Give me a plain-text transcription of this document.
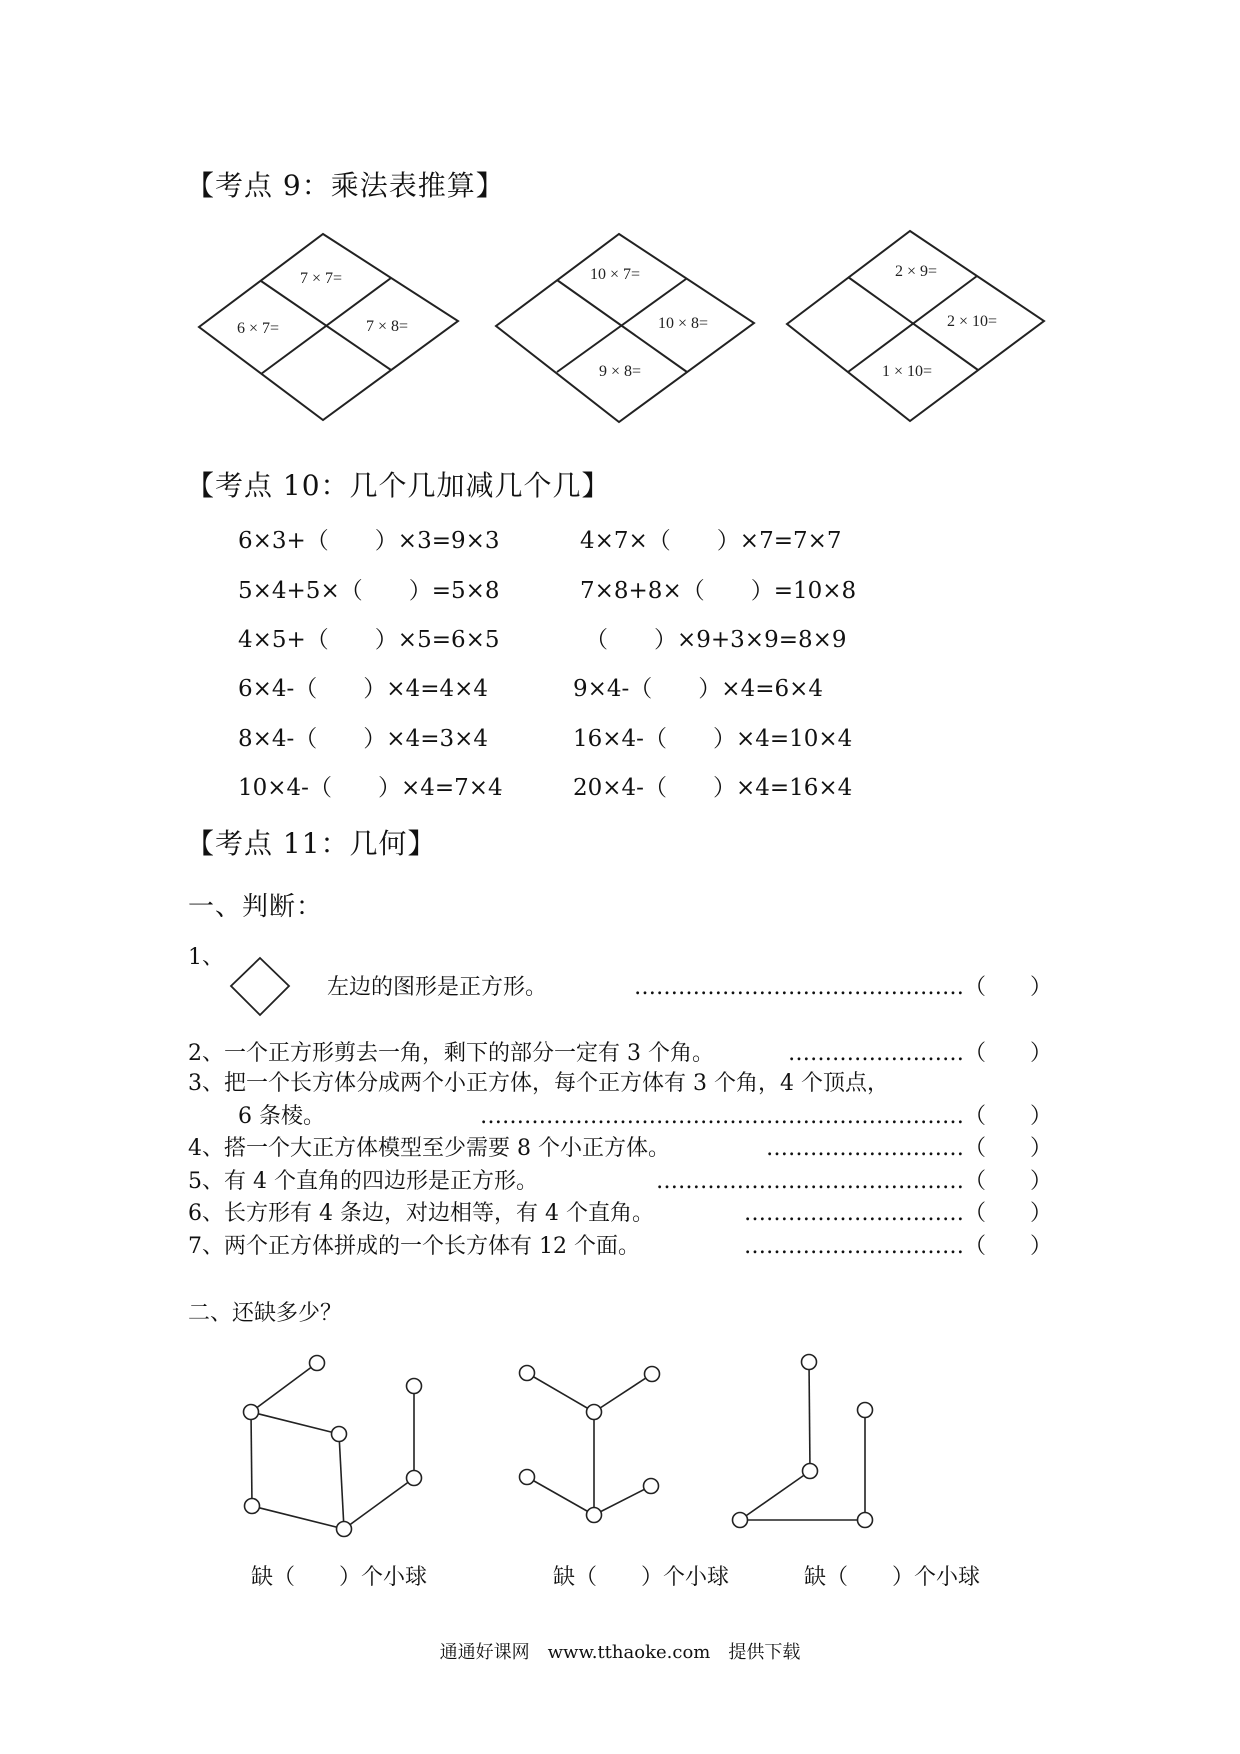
【考点 9：乘法表推算】
7 × 7=
6 × 7=	7 × 8=
10 × 7=
10 × 8=
9 × 8=
2 × 9=
2 × 10=
1 × 10=
【考点 10：几个几加减几个几】
6×3+（　　）×3=9×3	4×7×（　　）×7=7×7
5×4+5×（　　）=5×8	7×8+8×（　　）=10×8
4×5+（　　）×5=6×5	（　　）×9+3×9=8×9
6×4-（　　）×4=4×4	9×4-（　　）×4=6×4
8×4-（　　）×4=3×4	16×4-（　　）×4=10×4
10×4-（　　）×4=7×4	20×4-（　　）×4=16×4
【考点 11：几何】
一、判断：
1、
左边的图形是正方形。	………………………………………（　　）
2、一个正方形剪去一角，剩下的部分一定有 3 个角。	……………………（　　）
3、把一个长方体分成两个小正方体，每个正方体有 3 个角，4 个顶点，
6 条棱。	…………………………………………………………（　　）
4、搭一个大正方体模型至少需要 8 个小正方体。	………………………（　　）
5、有 4 个直角的四边形是正方形。	……………………………………（　　）
6、长方形有 4 条边，对边相等，有 4 个直角。	…………………………（　　）
7、两个正方体拼成的一个长方体有 12 个面。	…………………………（　　）
二、还缺多少？
缺（　　）个小球	缺（　　）个小球	缺（　　）个小球
通通好课网　www.tthaoke.com　提供下载
